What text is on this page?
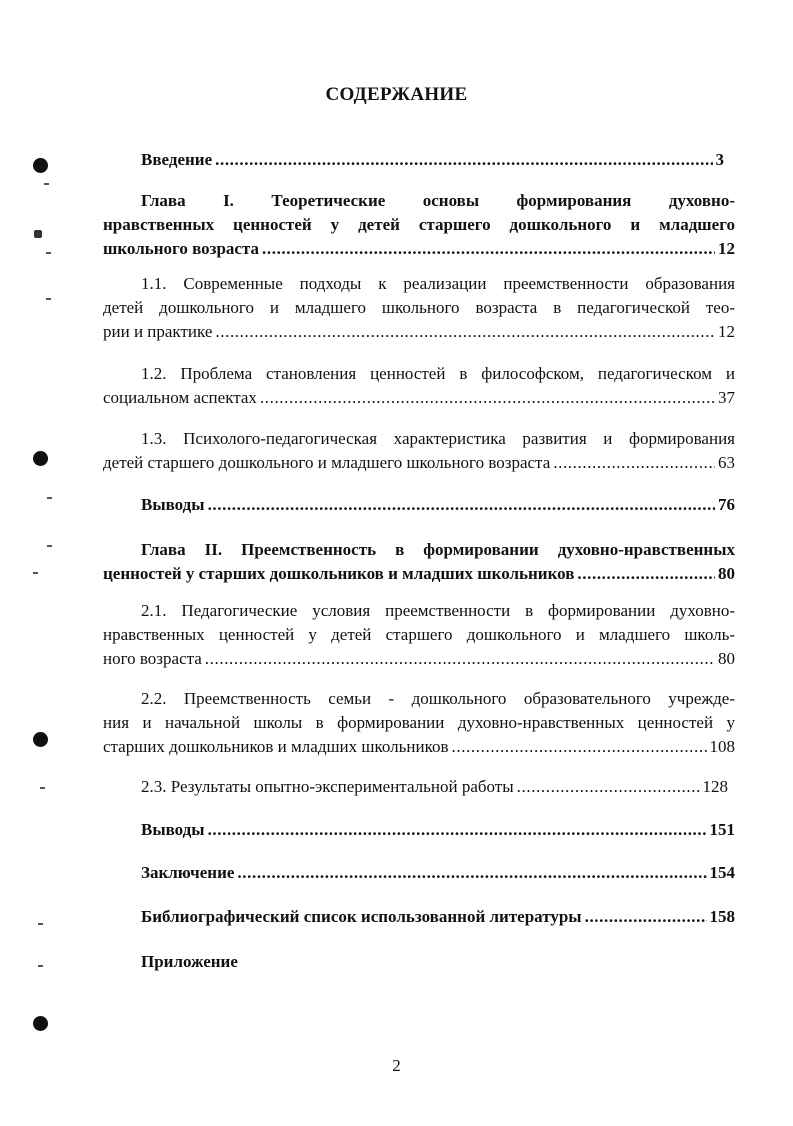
СОДЕРЖАНИЕ
Введение .....	3
Глава I. Теоретические основы формирования духовно-
нравственных ценностей у детей старшего дошкольного и младшего
школьного возраста .....	12
1.1. Современные подходы к реализации преемственности образования
детей дошкольного и младшего школьного возраста в педагогической тео-
рии и практике .....	12
1.2. Проблема становления ценностей в философском, педагогическом и
социальном аспектах .....	37
1.3. Психолого-педагогическая характеристика развития и формирования
детей старшего дошкольного и младшего школьного возраста .....	63
Выводы .....	76
Глава II. Преемственность в формировании духовно-нравственных
ценностей у старших дошкольников и младших школьников .....	80
2.1. Педагогические условия преемственности в формировании духовно-
нравственных ценностей у детей старшего дошкольного и младшего школь-
ного возраста .....	80
2.2. Преемственность семьи - дошкольного образовательного учрежде-
ния и начальной школы в формировании духовно-нравственных ценностей у
старших дошкольников и младших школьников .....	108
2.3. Результаты опытно-экспериментальной работы .....	128
Выводы .....	151
Заключение .....	154
Библиографический список использованной литературы .....	158
Приложение
2
